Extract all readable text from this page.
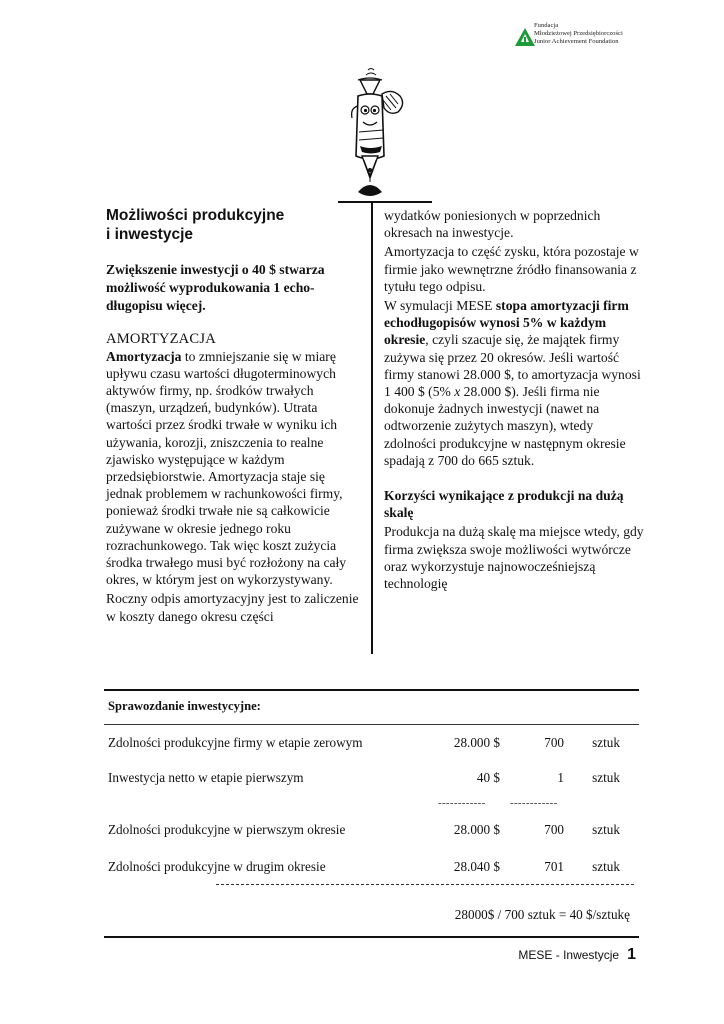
Fundacja
Młodzieżowej Przedsiębiorczości
Junior Achievement Foundation
Możliwości produkcyjne
i inwestycje
Zwiększenie inwestycji o 40 $ stwarza możliwość wyprodukowania 1 echo-długopisu więcej.
AMORTYZACJA
Amortyzacja to zmniejszanie się w miarę upływu czasu wartości długoterminowych aktywów firmy, np. środków trwałych (maszyn, urządzeń, budynków). Utrata wartości przez środki trwałe w wyniku ich używania, korozji, zniszczenia to realne zjawisko występujące w każdym przedsiębiorstwie. Amortyzacja staje się jednak problemem w rachunkowości firmy, ponieważ środki trwałe nie są całkowicie zużywane w okresie jednego roku rozrachunkowego. Tak więc koszt zużycia środka trwałego musi być rozłożony na cały okres, w którym jest on wykorzystywany.
Roczny odpis amortyzacyjny jest to zaliczenie w koszty danego okresu części
wydatków poniesionych w poprzednich okresach na inwestycje.
Amortyzacja to część zysku, która pozostaje w firmie jako wewnętrzne źródło finansowania z tytułu tego odpisu.
W symulacji MESE stopa amortyzacji firm echodługopisów wynosi 5% w każdym okresie, czyli szacuje się, że majątek firmy zużywa się przez 20 okresów. Jeśli wartość firmy stanowi 28.000 $, to amortyzacja wynosi 1 400 $ (5% x 28.000 $). Jeśli firma nie dokonuje żadnych inwestycji (nawet na odtworzenie zużytych maszyn), wtedy zdolności produkcyjne w następnym okresie spadają z 700 do 665 sztuk.
Korzyści wynikające z produkcji na dużą skalę
Produkcja na dużą skalę ma miejsce wtedy, gdy firma zwiększa swoje możliwości wytwórcze oraz wykorzystuje najnowocześniejszą technologię
Sprawozdanie inwestycyjne:
Zdolności produkcyjne firmy w etapie zerowym	28.000 $	700 sztuk
Inwestycja netto w etapie pierwszym	40 $	1 sztuk
------------ ------------
Zdolności produkcyjne w pierwszym okresie	28.000 $	700 sztuk
Zdolności produkcyjne w drugim okresie	28.040 $	701 sztuk
28000$ / 700 sztuk = 40 $/sztukę
MESE - Inwestycje 1
